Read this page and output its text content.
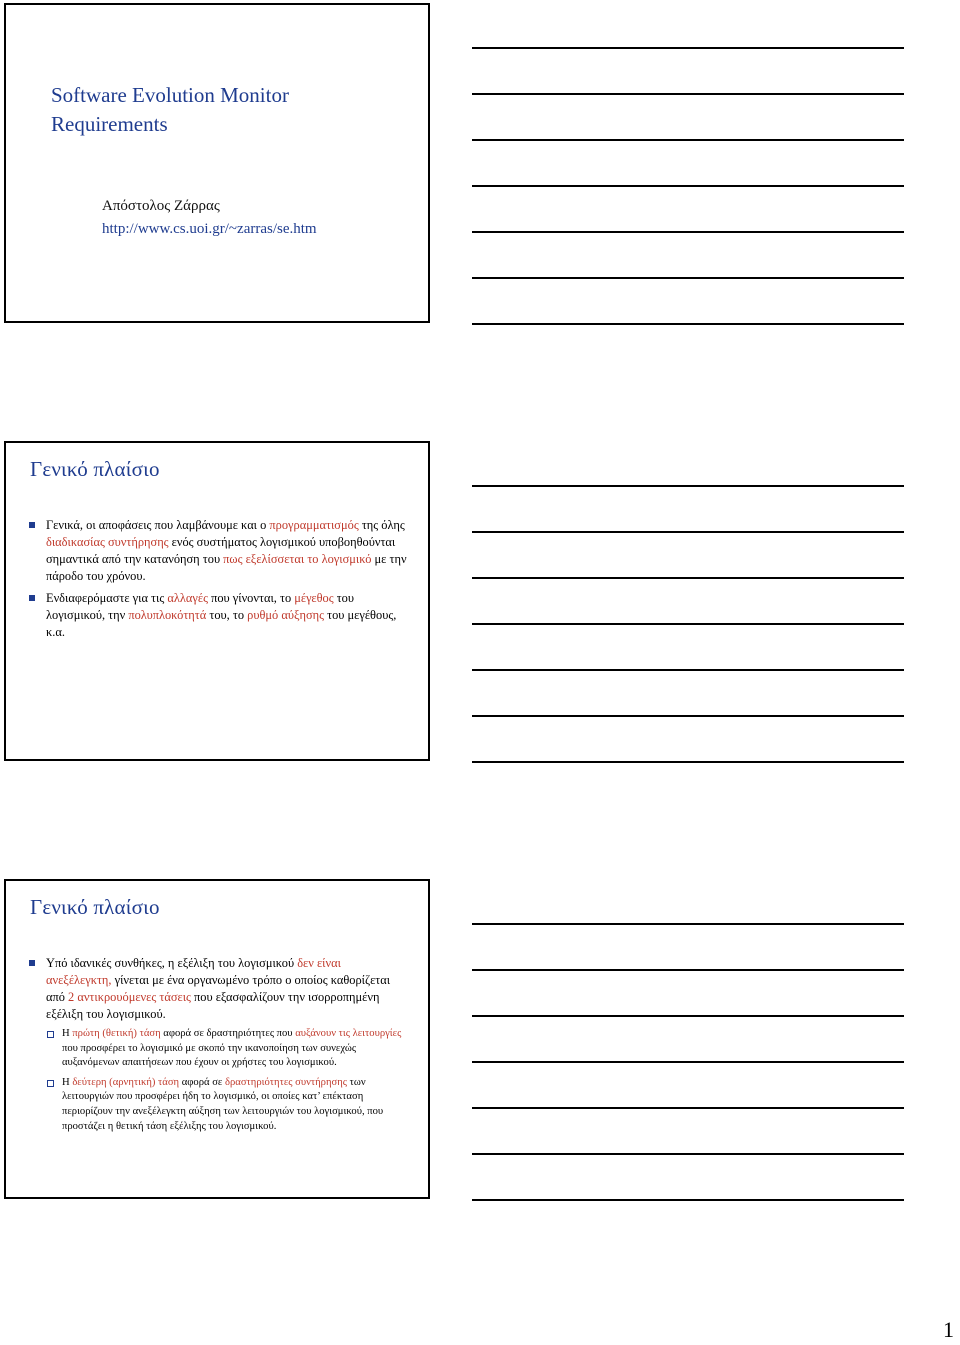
Software Evolution Monitor
Requirements
Απόστολος Ζάρρας
http://www.cs.uoi.gr/~zarras/se.htm
Γενικό πλαίσιο
Γενικά, οι αποφάσεις που λαμβάνουμε και ο προγραμματισμός της όλης διαδικασίας συντήρησης ενός συστήματος λογισμικού υποβοηθούνται σημαντικά από την κατανόηση του πως εξελίσσεται το λογισμικό με την πάροδο του χρόνου.
Ενδιαφερόμαστε για τις αλλαγές που γίνονται, το μέγεθος του λογισμικού, την πολυπλοκότητά του, το ρυθμό αύξησης του μεγέθους, κ.α.
Γενικό πλαίσιο
Υπό ιδανικές συνθήκες, η εξέλιξη του λογισμικού δεν είναι ανεξέλεγκτη, γίνεται με ένα οργανωμένο τρόπο ο οποίος καθορίζεται από 2 αντικρουόμενες τάσεις που εξασφαλίζουν την ισορροπημένη εξέλιξη του λογισμικού.
Η πρώτη (θετική) τάση αφορά σε δραστηριότητες που αυξάνουν τις λειτουργίες που προσφέρει το λογισμικό με σκοπό την ικανοποίηση των συνεχώς αυξανόμενων απαιτήσεων που έχουν οι χρήστες του λογισμικού.
Η δεύτερη (αρνητική) τάση αφορά σε δραστηριότητες συντήρησης των λειτουργιών που προσφέρει ήδη το λογισμικό, οι οποίες κατ’ επέκταση περιορίζουν την ανεξέλεγκτη αύξηση των λειτουργιών του λογισμικού, που προστάζει η θετική τάση εξέλιξης του λογισμικού.
1
